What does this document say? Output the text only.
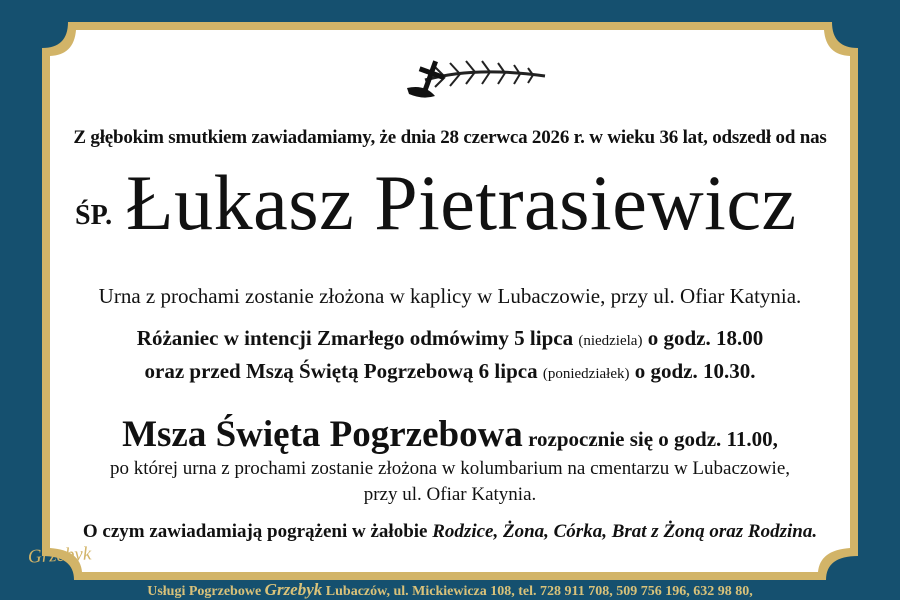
Z głębokim smutkiem zawiadamiamy, że dnia 28 czerwca 2026 r. w wieku 36 lat, odszedł od nas
ŚP. Łukasz Pietrasiewicz
Urna z prochami zostanie złożona w kaplicy w Lubaczowie, przy ul. Ofiar Katynia.
Różaniec w intencji Zmarłego odmówimy 5 lipca (niedziela) o godz. 18.00
oraz przed Mszą Świętą Pogrzebową 6 lipca (poniedziałek) o godz. 10.30.
Msza Święta Pogrzebowa rozpocznie się o godz. 11.00,
po której urna z prochami zostanie złożona w kolumbarium na cmentarzu w Lubaczowie,
przy ul. Ofiar Katynia.
O czym zawiadamiają pogrążeni w żałobie Rodzice, Żona, Córka, Brat z Żoną oraz Rodzina.
Grzebyk
Usługi Pogrzebowe Grzebyk Lubaczów, ul. Mickiewicza 108, tel. 728 911 708, 509 756 196, 632 98 80,
